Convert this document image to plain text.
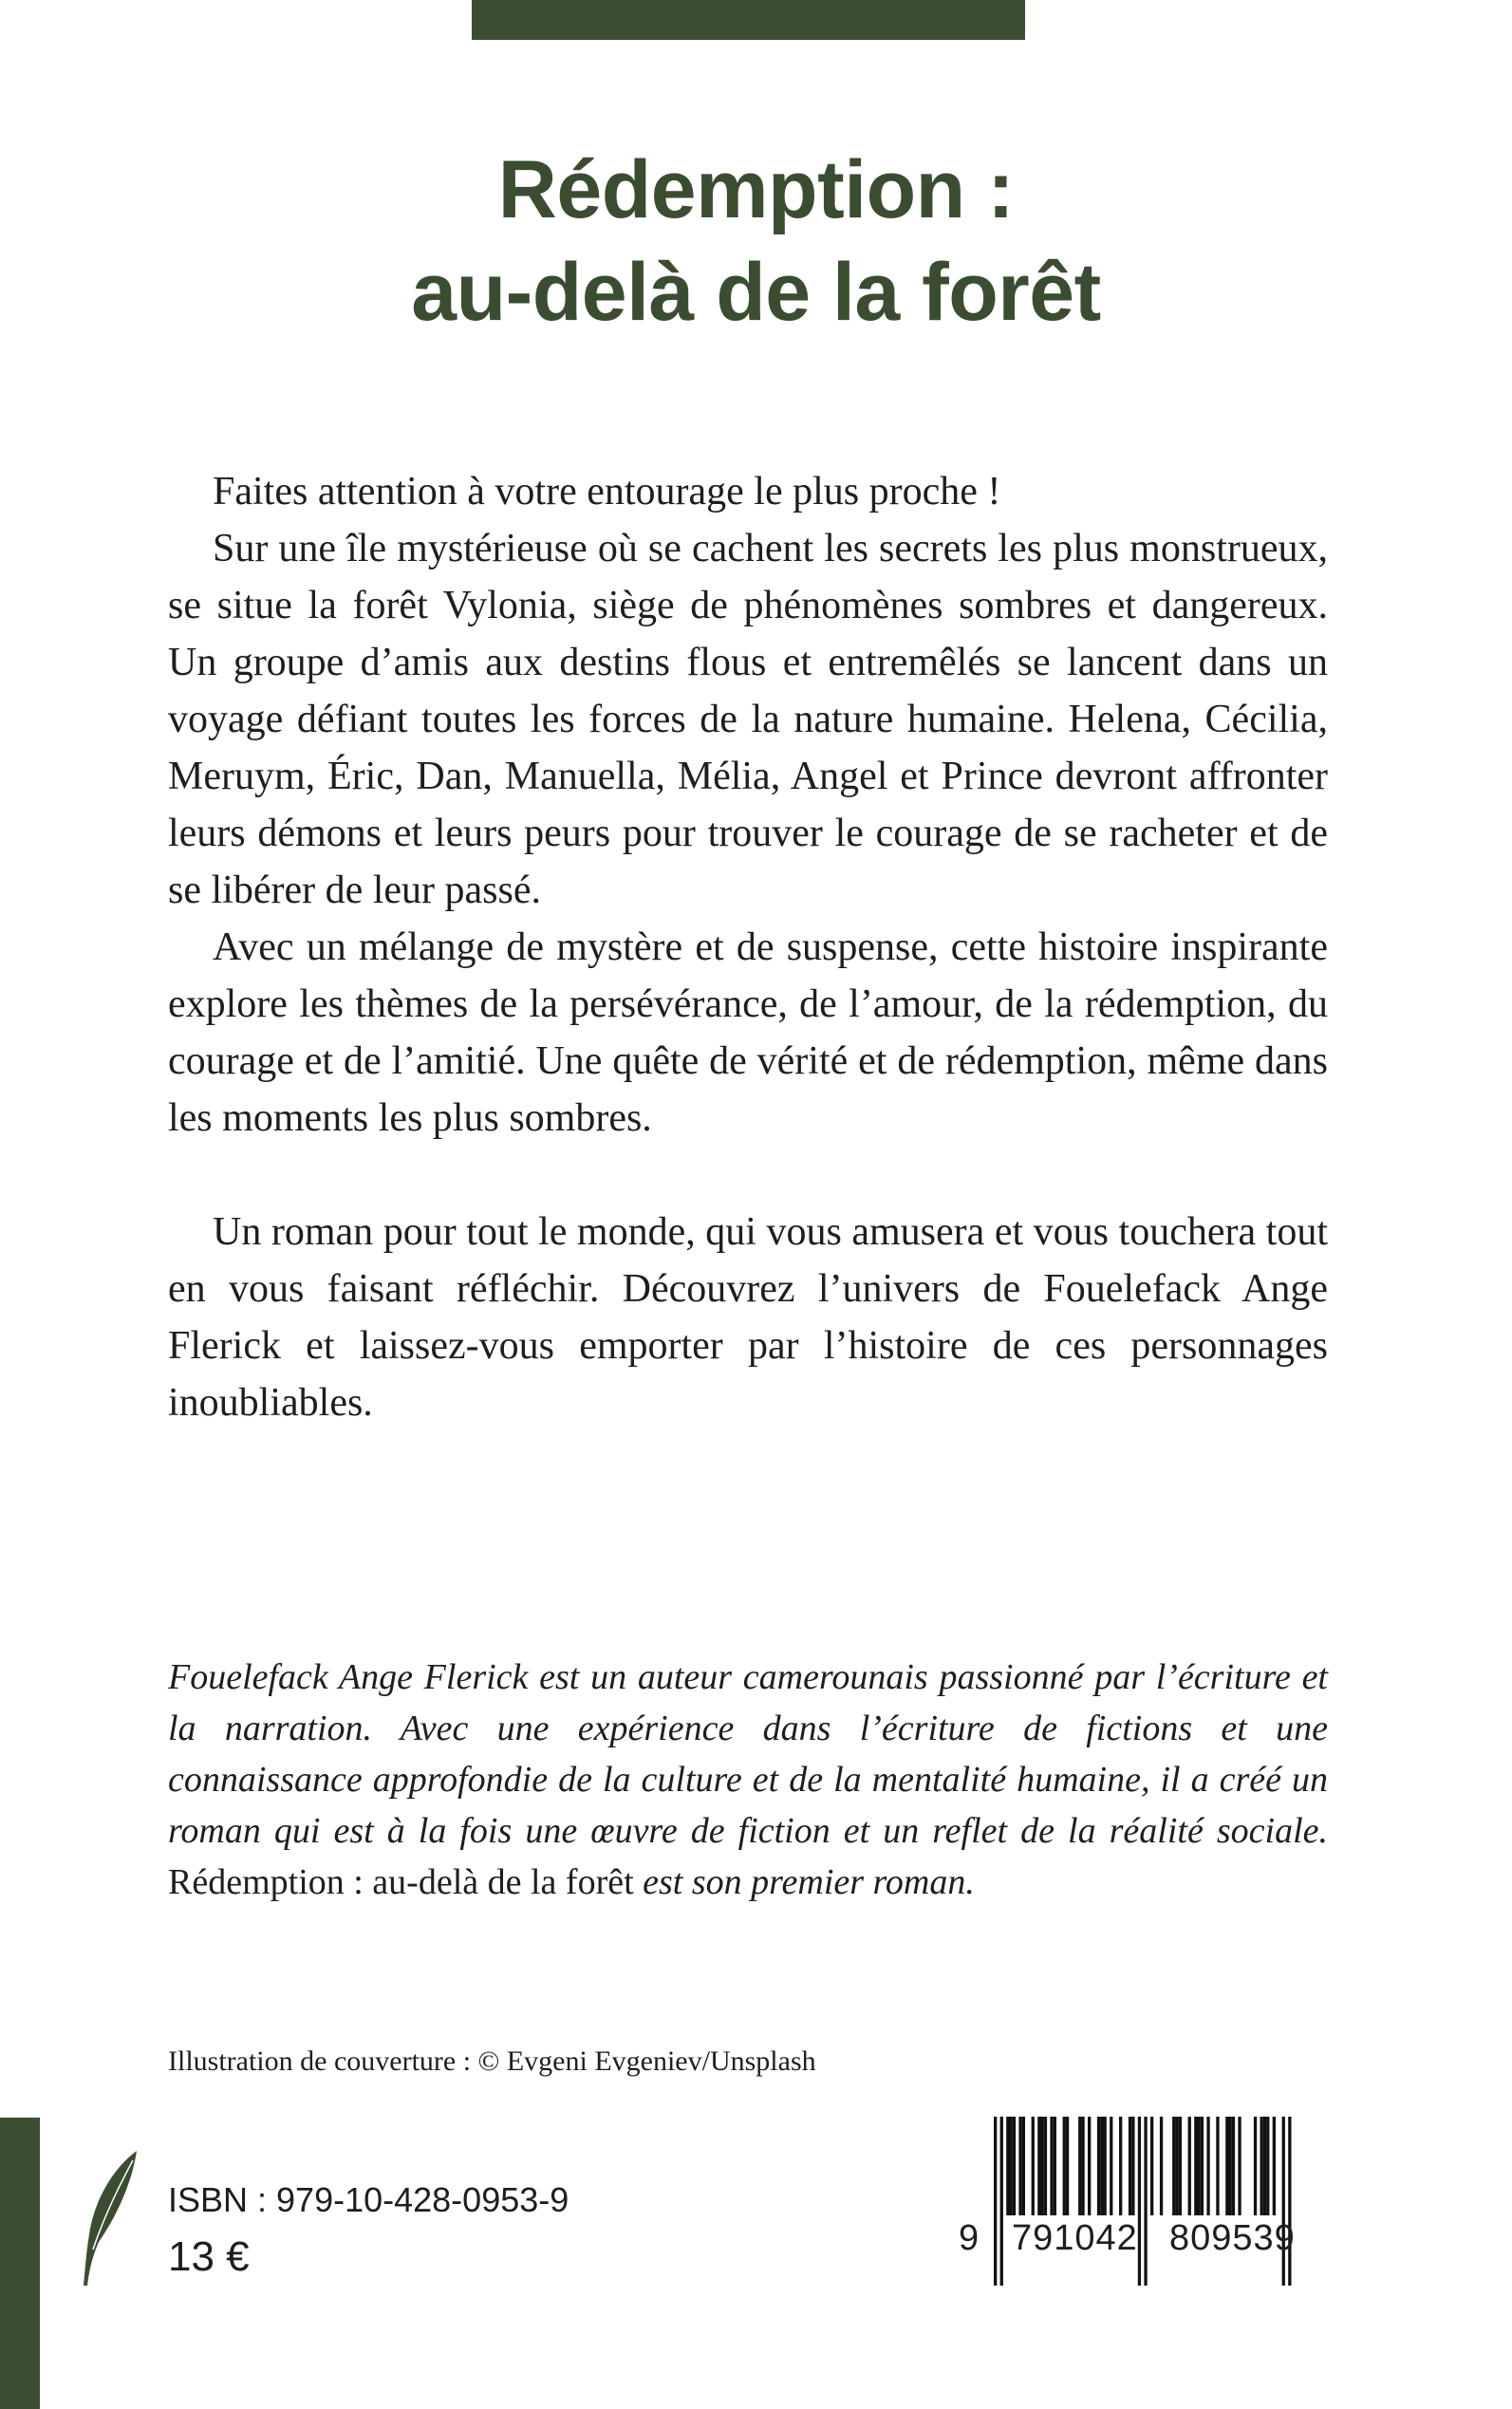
Rédemption :
au-delà de la forêt

Faites attention à votre entourage le plus proche !

Sur une île mystérieuse où se cachent les secrets les plus monstrueux, se situe la forêt Vylonia, siège de phénomènes sombres et dangereux. Un groupe d’amis aux destins flous et entremêlés se lancent dans un voyage défiant toutes les forces de la nature humaine. Helena, Cécilia, Meruym, Éric, Dan, Manuella, Mélia, Angel et Prince devront affronter leurs démons et leurs peurs pour trouver le courage de se racheter et de se libérer de leur passé.

Avec un mélange de mystère et de suspense, cette histoire inspirante explore les thèmes de la persévérance, de l’amour, de la rédemption, du courage et de l’amitié. Une quête de vérité et de rédemption, même dans les moments les plus sombres.

Un roman pour tout le monde, qui vous amusera et vous touchera tout en vous faisant réfléchir. Découvrez l’univers de Fouelefack Ange Flerick et laissez-vous emporter par l’histoire de ces personnages inoubliables.

Fouelefack Ange Flerick est un auteur camerounais passionné par l’écriture et la narration. Avec une expérience dans l’écriture de fictions et une connaissance approfondie de la culture et de la mentalité humaine, il a créé un roman qui est à la fois une œuvre de fiction et un reflet de la réalité sociale. Rédemption : au-delà de la forêt est son premier roman.

Illustration de couverture : © Evgeni Evgeniev/Unsplash
ISBN : 979-10-428-0953-9
13 €	9 791042 809539
